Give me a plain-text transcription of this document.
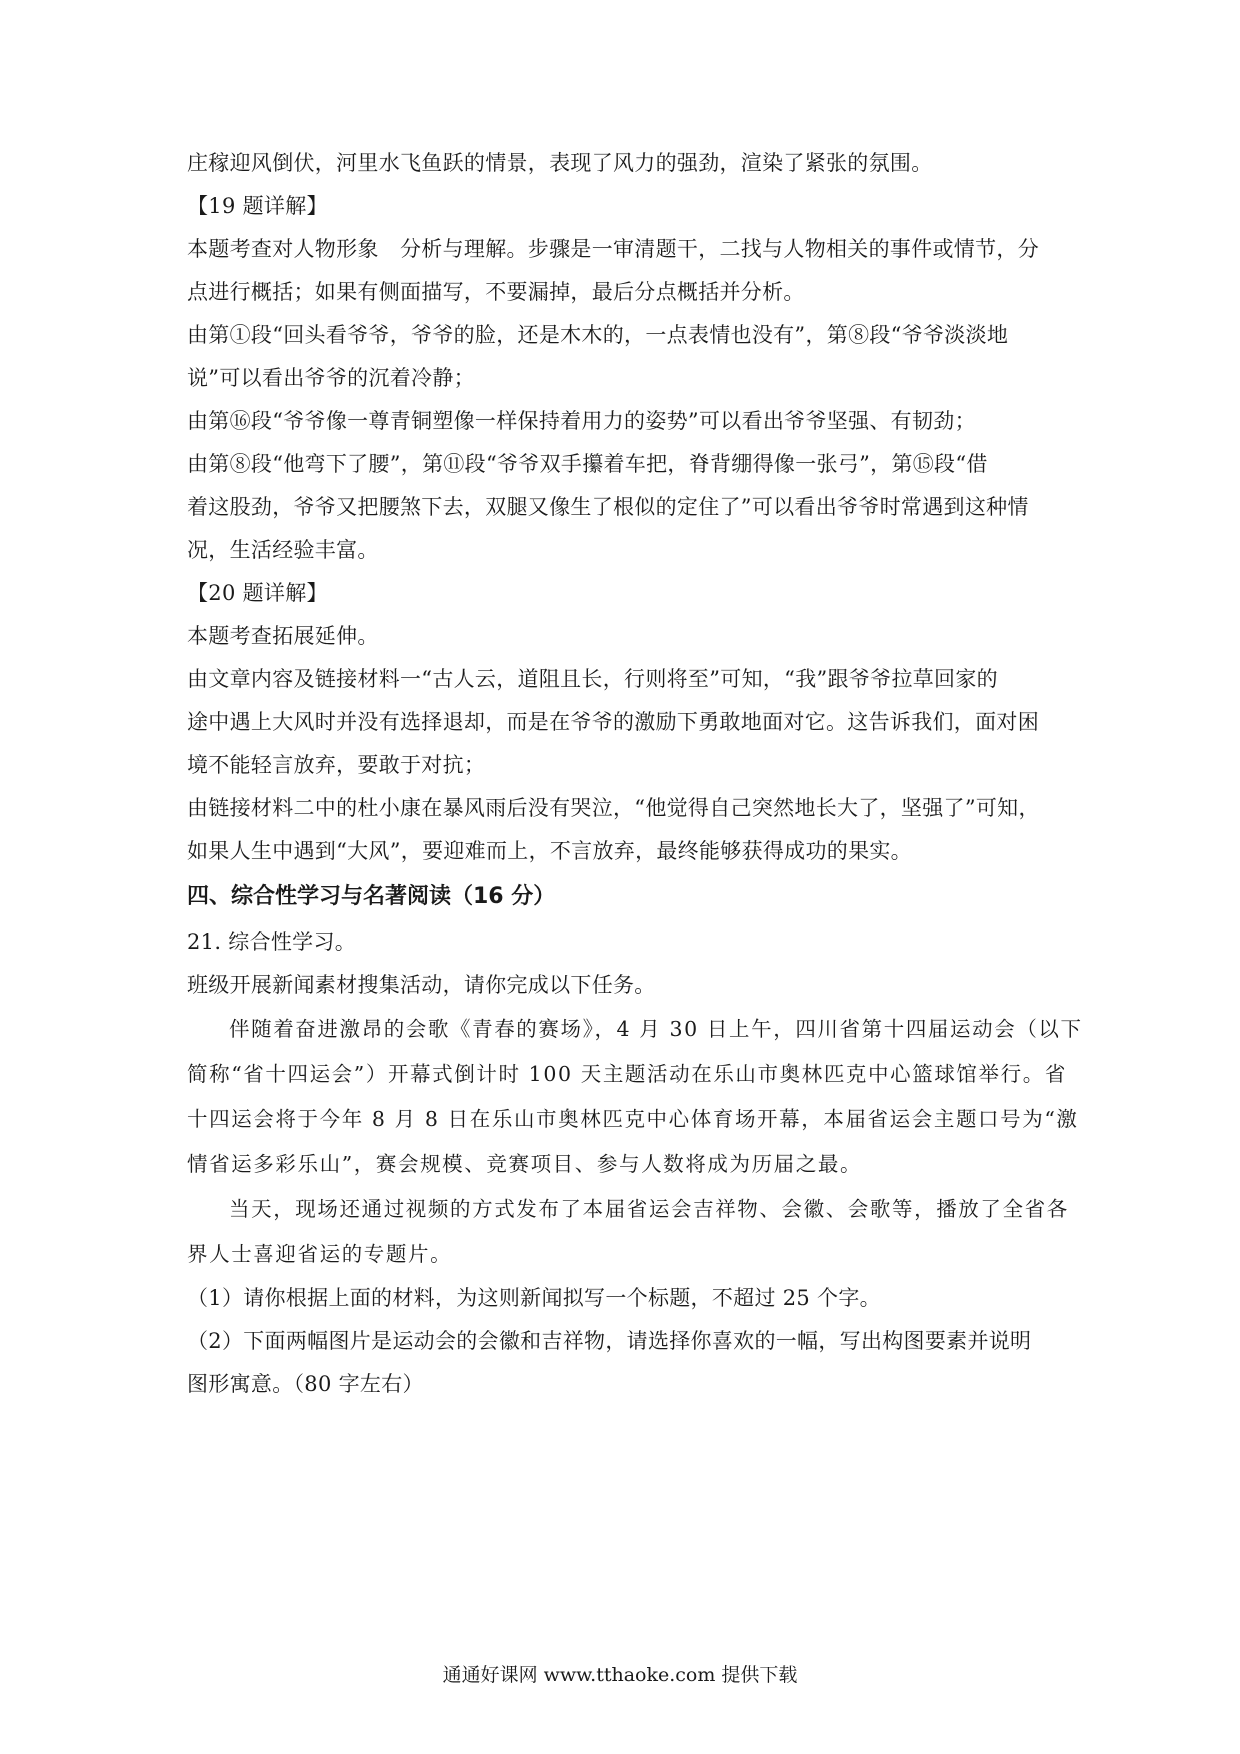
庄稼迎风倒伏，河里水飞鱼跃的情景，表现了风力的强劲，渲染了紧张的氛围。
【19 题详解】
本题考查对人物形象　分析与理解。步骤是一审清题干，二找与人物相关的事件或情节，分
点进行概括；如果有侧面描写，不要漏掉，最后分点概括并分析。
由第①段“回头看爷爷，爷爷的脸，还是木木的，一点表情也没有”，第⑧段“爷爷淡淡地
说”可以看出爷爷的沉着冷静；
由第⑯段“爷爷像一尊青铜塑像一样保持着用力的姿势”可以看出爷爷坚强、有韧劲；
由第⑧段“他弯下了腰”，第⑪段“爷爷双手攥着车把，脊背绷得像一张弓”，第⑮段“借
着这股劲，爷爷又把腰煞下去，双腿又像生了根似的定住了”可以看出爷爷时常遇到这种情
况，生活经验丰富。
【20 题详解】
本题考查拓展延伸。
由文章内容及链接材料一“古人云，道阻且长，行则将至”可知，“我”跟爷爷拉草回家的
途中遇上大风时并没有选择退却，而是在爷爷的激励下勇敢地面对它。这告诉我们，面对困
境不能轻言放弃，要敢于对抗；
由链接材料二中的杜小康在暴风雨后没有哭泣，“他觉得自己突然地长大了，坚强了”可知，
如果人生中遇到“大风”，要迎难而上，不言放弃，最终能够获得成功的果实。
四、综合性学习与名著阅读（16 分）
21. 综合性学习。
班级开展新闻素材搜集活动，请你完成以下任务。
伴随着奋进激昂的会歌《青春的赛场》，4 月 30 日上午，四川省第十四届运动会（以下
简称“省十四运会”）开幕式倒计时 100 天主题活动在乐山市奥林匹克中心篮球馆举行。省
十四运会将于今年 8 月 8 日在乐山市奥林匹克中心体育场开幕，本届省运会主题口号为“激
情省运多彩乐山”，赛会规模、竞赛项目、参与人数将成为历届之最。
当天，现场还通过视频的方式发布了本届省运会吉祥物、会徽、会歌等，播放了全省各
界人士喜迎省运的专题片。
（1）请你根据上面的材料，为这则新闻拟写一个标题，不超过 25 个字。
（2）下面两幅图片是运动会的会徽和吉祥物，请选择你喜欢的一幅，写出构图要素并说明
图形寓意。（80 字左右）
通通好课网 www.tthaoke.com 提供下载
